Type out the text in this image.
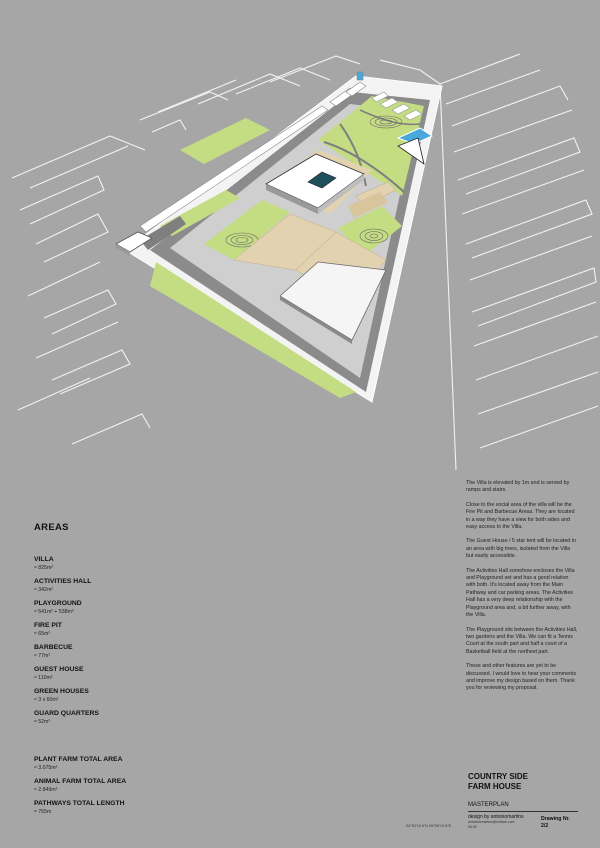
AREAS
VILLA
≈ 825m²
ACTIVITIES HALL
≈ 342m²
PLAYGROUND
≈ 541m² + 538m²
FIRE PIT
≈ 65m²
BARBECUE
≈ 77m²
GUEST HOUSE
≈ 110m²
GREEN HOUSES
≈ 3 x 60m²
GUARD QUARTERS
≈ 52m²
PLANT FARM TOTAL AREA
≈ 3.075m²
ANIMAL FARM TOTAL AREA
≈ 2.849m²
PATHWAYS TOTAL LENGTH
≈ 765m

The Villa is elevated by 1m and is served by ramps and stairs.

Close to the social area of the villa will be the Fire Pit and Barbecue Areas. They are located in a way they have a view for both sides and easy access to the Villa.

The Guest House / 5 star tent will be located in an area with big trees, isolated from the Villa but easily accessible.

The Activities Hall somehow encloses the Villa and Playground set and has a good relation with both. It's located away from the Main Pathway and car parking areas. The Activities Hall has a very deep relationship with the Playground area and, a bit further away, with the Villa.

The Playground sits between the Activities Hall, two gardens and the Villa. We can fit a Tennis Court at the south part and half a court of a Basketball field at the northest part.

These and other features are yet to be discussed. I would love to hear your comments and improve my design based on them. Thank you for reviewing my proposal.

COUNTRY SIDE
FARM HOUSE
MASTERPLAN
design by antoniomartins
antonioivmartins@outlook.com
06.09
Drawing Nr.
2/2
24°52'10.9"N 55°59'19.6"E
